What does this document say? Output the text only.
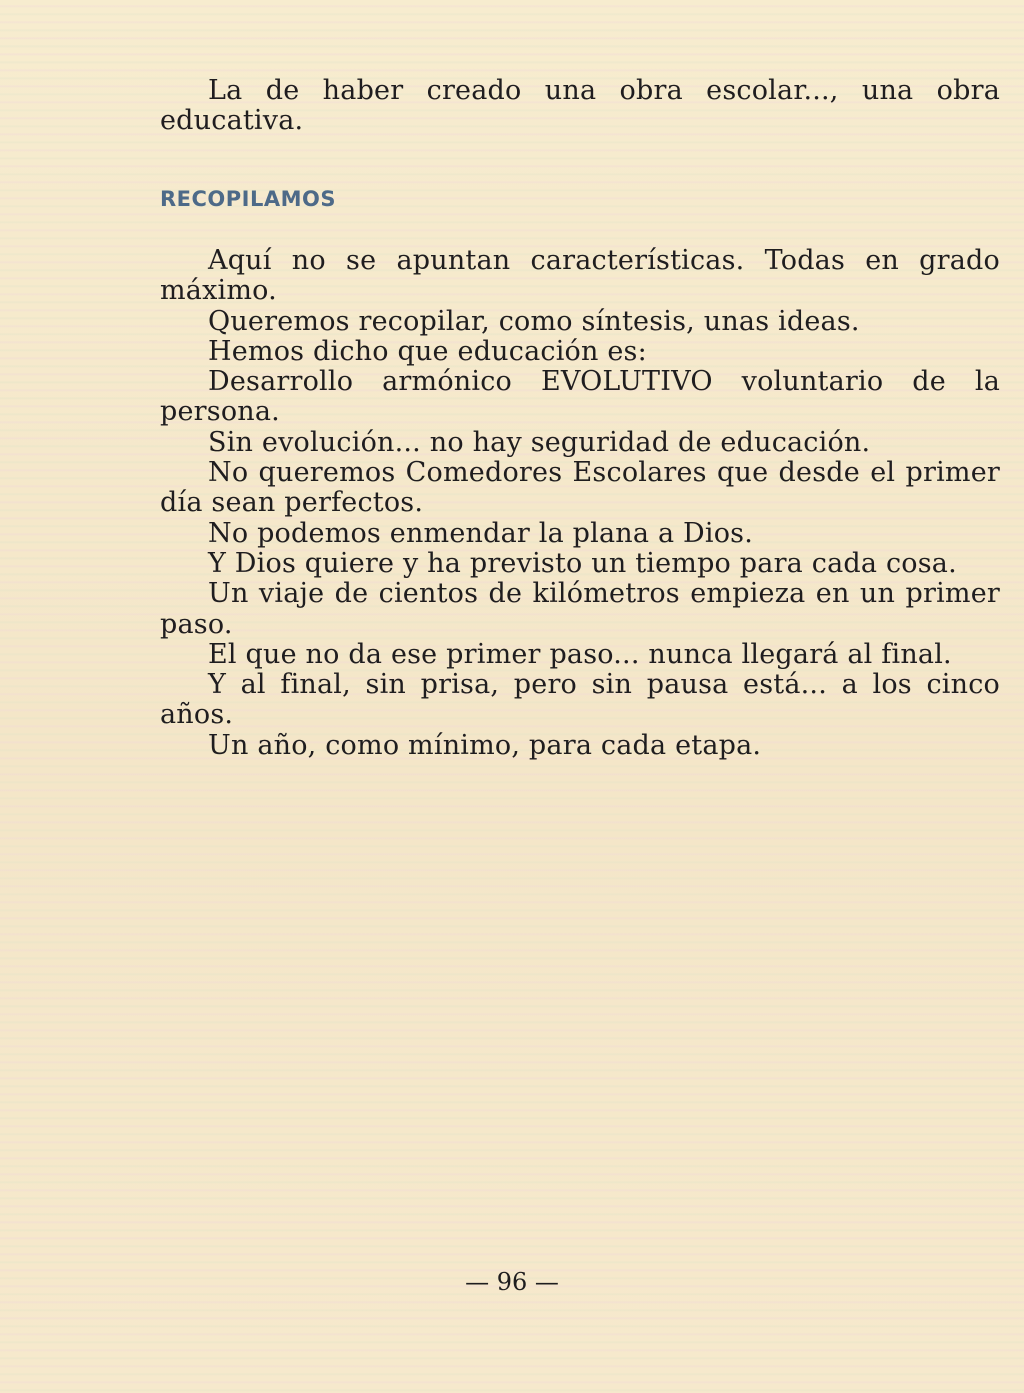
La de haber creado una obra escolar..., una obra educativa.

RECOPILAMOS

Aquí no se apuntan características. Todas en grado máximo.

Queremos recopilar, como síntesis, unas ideas.

Hemos dicho que educación es:

Desarrollo armónico EVOLUTIVO voluntario de la persona.

Sin evolución... no hay seguridad de educación.

No queremos Comedores Escolares que desde el primer día sean perfectos.

No podemos enmendar la plana a Dios.

Y Dios quiere y ha previsto un tiempo para cada cosa.

Un viaje de cientos de kilómetros empieza en un primer paso.

El que no da ese primer paso... nunca llegará al final.

Y al final, sin prisa, pero sin pausa está... a los cinco años.

Un año, como mínimo, para cada etapa.

— 96 —
